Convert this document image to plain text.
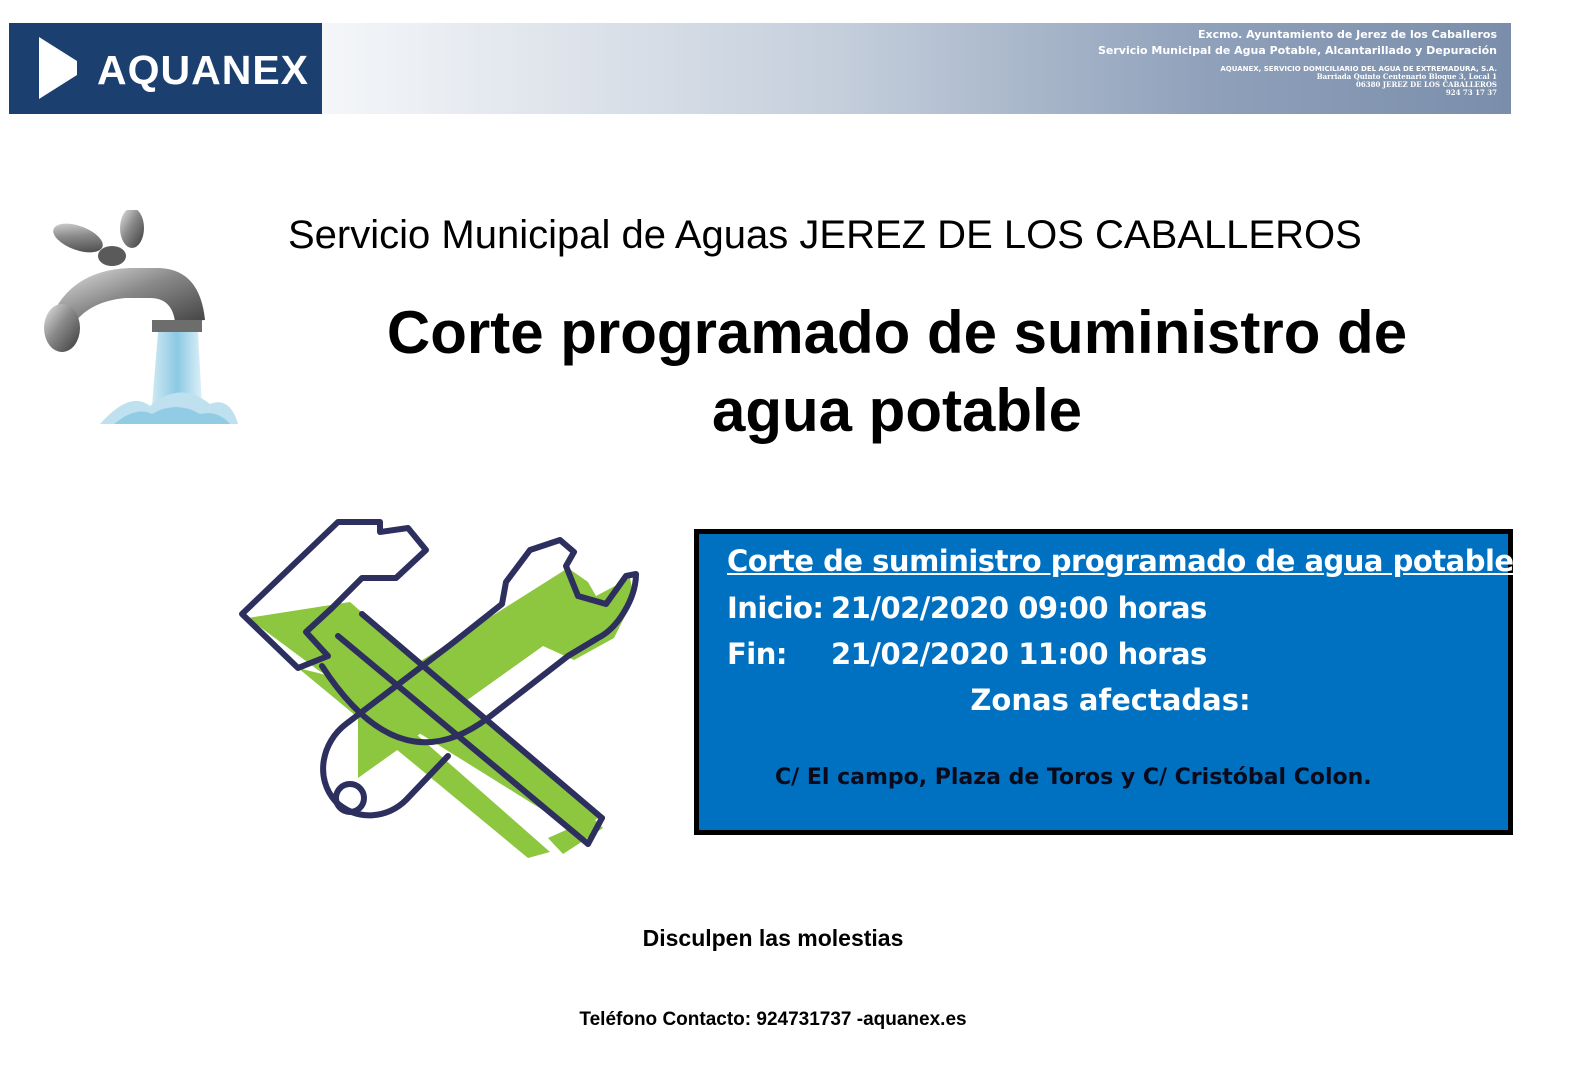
AQUANEX
Excmo. Ayuntamiento de Jerez de los Caballeros
Servicio Municipal de Agua Potable, Alcantarillado y Depuración
AQUANEX, SERVICIO DOMICILIARIO DEL AGUA DE EXTREMADURA, S.A.
Barriada Quinto Centenario Bloque 3, Local 1
06380 JEREZ DE LOS CABALLEROS
924 73 17 37
Servicio Municipal de Aguas JEREZ DE LOS CABALLEROS
Corte programado de suministro de
agua potable
Corte de suministro programado de agua potable
Inicio: 21/02/2020 09:00 horas
Fin: 21/02/2020 11:00 horas
Zonas afectadas:
C/ El campo, Plaza de Toros y C/ Cristóbal Colon.
Disculpen las molestias
Teléfono Contacto: 924731737 -aquanex.es
